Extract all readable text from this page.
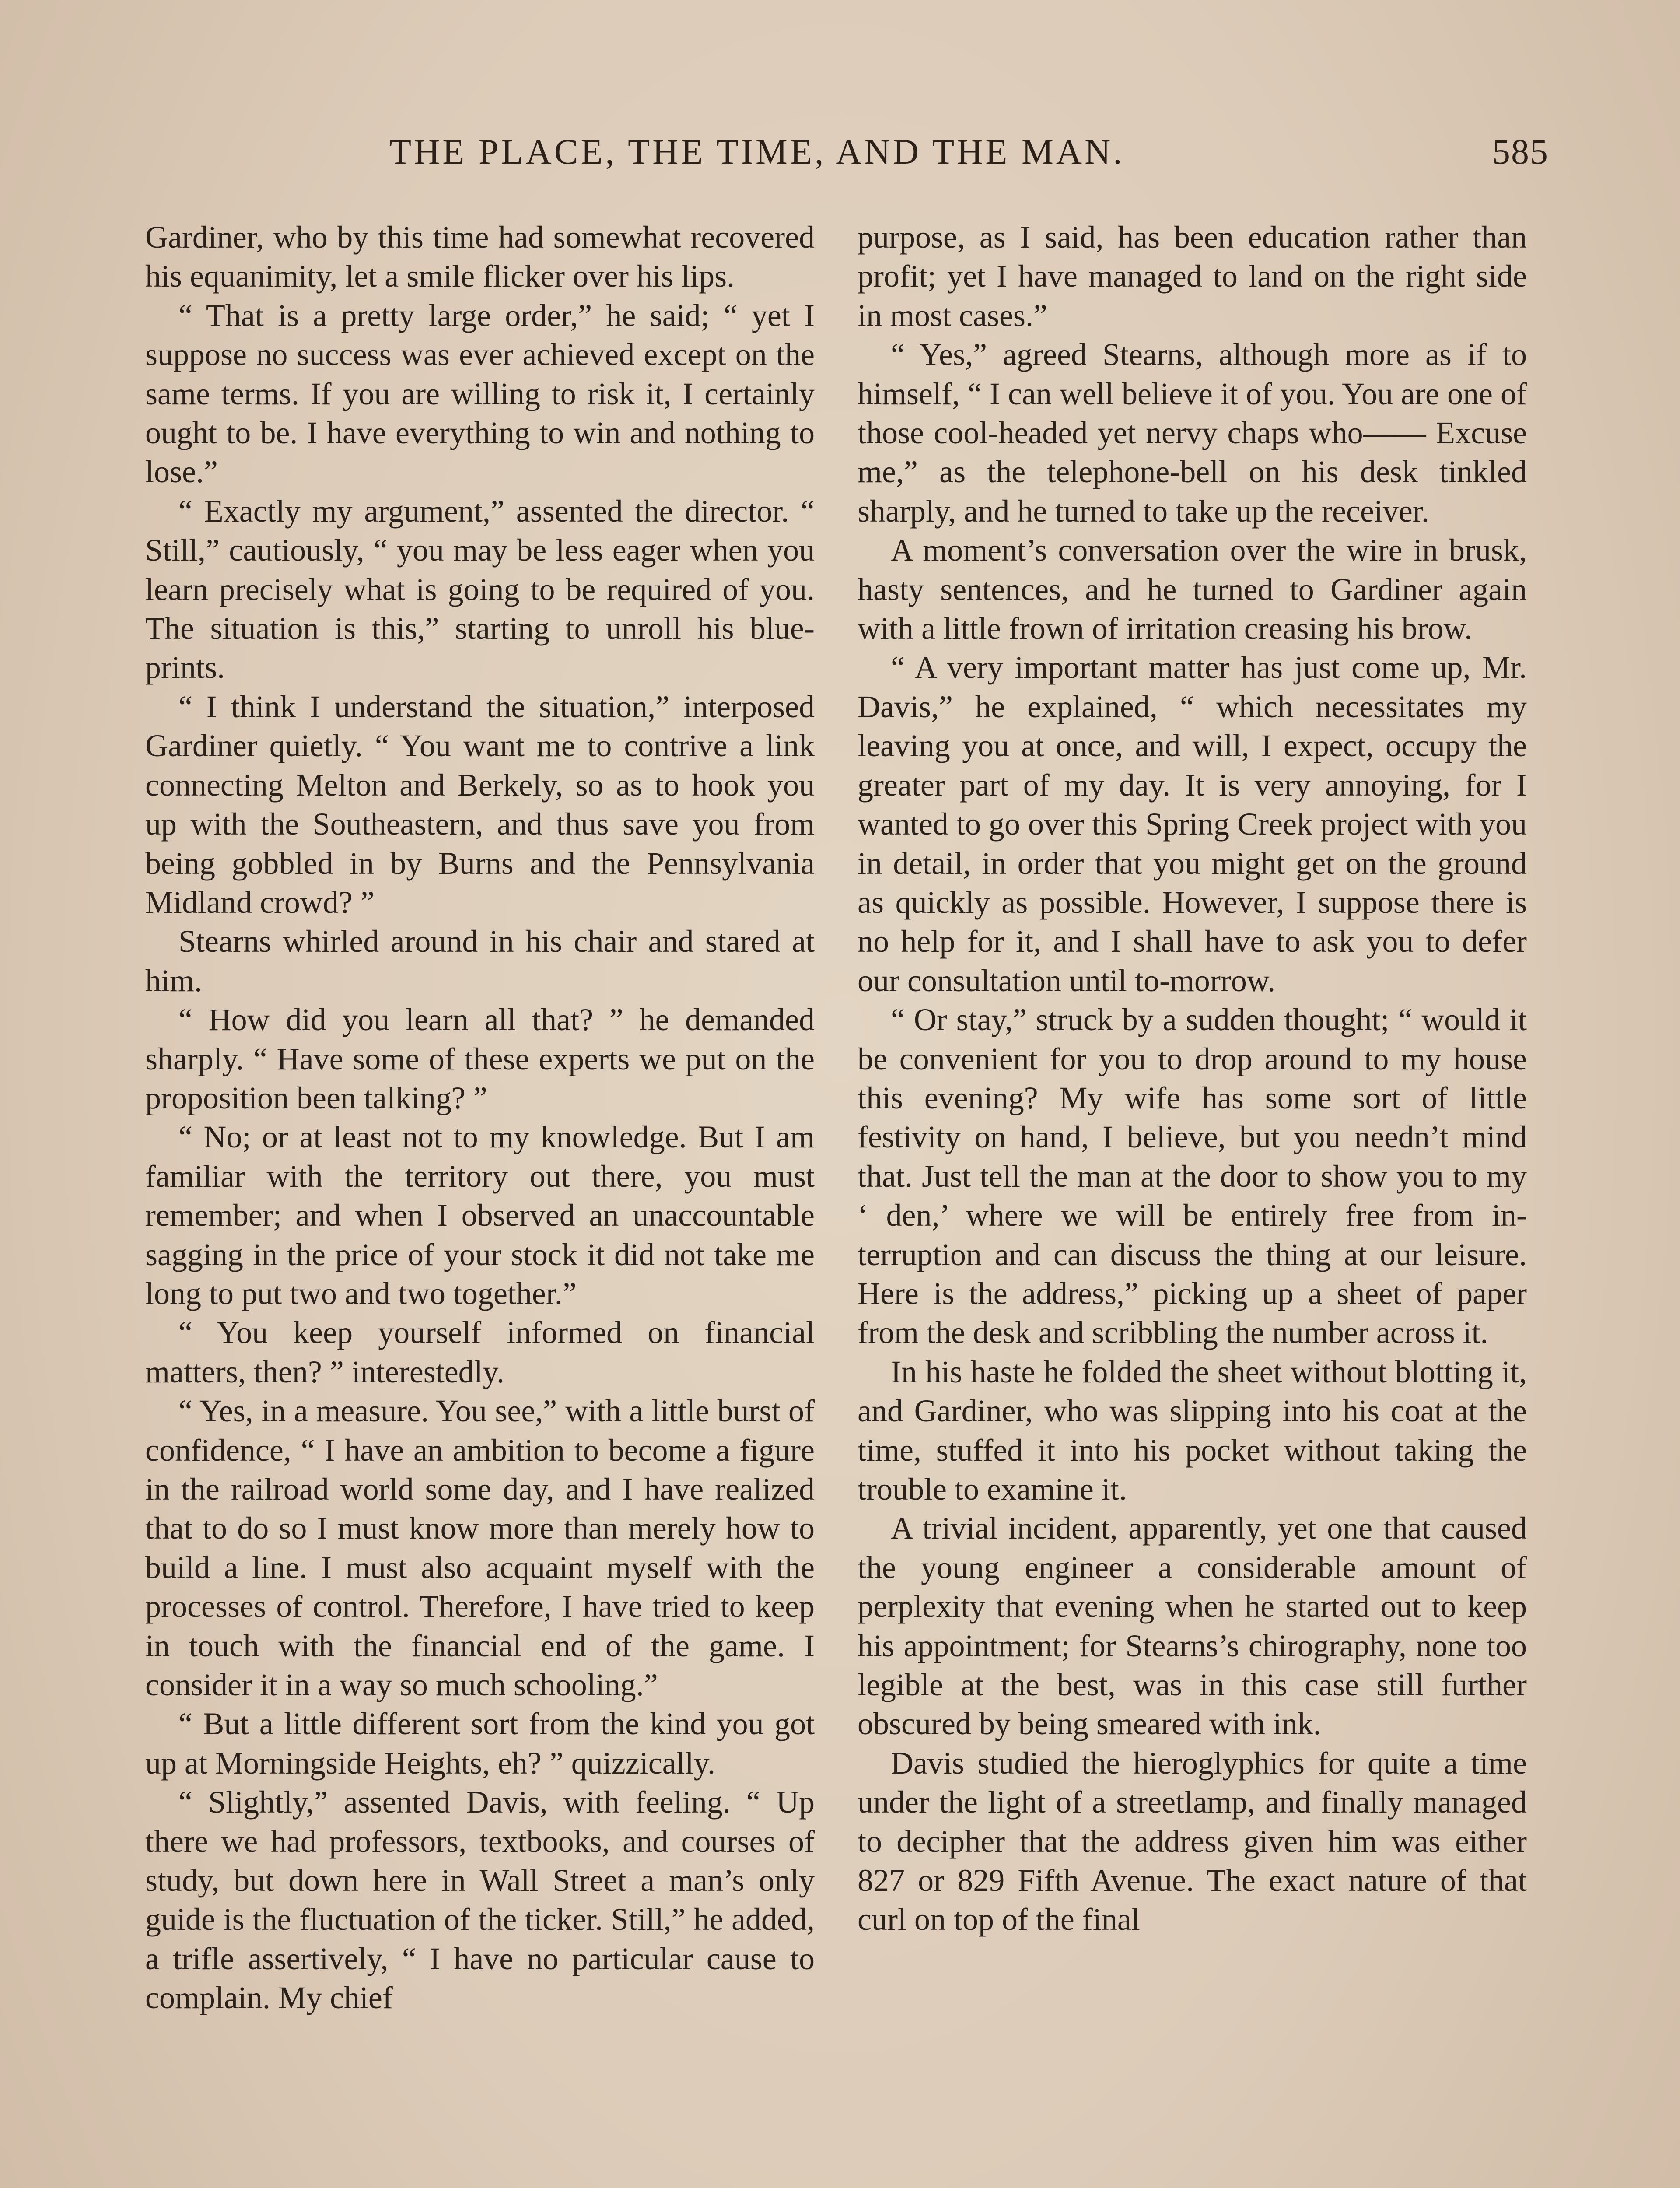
THE PLACE, THE TIME, AND THE MAN.	585

Gardiner, who by this time had somewhat recovered his equanimity, let a smile flicker over his lips.

“ That is a pretty large order,” he said; “ yet I suppose no success was ever achieved except on the same terms. If you are willing to risk it, I certainly ought to be. I have everything to win and nothing to lose.”

“ Exactly my argument,” assented the director. “ Still,” cautiously, “ you may be less eager when you learn precisely what is going to be required of you. The situation is this,” starting to unroll his blue-prints.

“ I think I understand the situation,” interposed Gardiner quietly. “ You want me to contrive a link connecting Melton and Berkely, so as to hook you up with the Southeastern, and thus save you from being gobbled in by Burns and the Pennsylvania Midland crowd? ”

Stearns whirled around in his chair and stared at him.

“ How did you learn all that? ” he demanded sharply. “ Have some of these experts we put on the proposition been talking? ”

“ No; or at least not to my knowledge. But I am familiar with the territory out there, you must remember; and when I observed an unaccountable sagging in the price of your stock it did not take me long to put two and two together.”

“ You keep yourself informed on financial matters, then? ” interestedly.

“ Yes, in a measure. You see,” with a little burst of confidence, “ I have an ambition to become a figure in the railroad world some day, and I have realized that to do so I must know more than merely how to build a line. I must also acquaint myself with the processes of control. Therefore, I have tried to keep in touch with the financial end of the game. I consider it in a way so much schooling.”

“ But a little different sort from the kind you got up at Morningside Heights, eh? ” quizzically.

“ Slightly,” assented Davis, with feeling. “ Up there we had professors, textbooks, and courses of study, but down here in Wall Street a man’s only guide is the fluctuation of the ticker. Still,” he added, a trifle assertively, “ I have no particular cause to complain. My chief

purpose, as I said, has been education rather than profit; yet I have managed to land on the right side in most cases.”

“ Yes,” agreed Stearns, although more as if to himself, “ I can well believe it of you. You are one of those cool-headed yet nervy chaps who—— Excuse me,” as the telephone-bell on his desk tinkled sharply, and he turned to take up the receiver.

A moment’s conversation over the wire in brusk, hasty sentences, and he turned to Gardiner again with a little frown of irritation creasing his brow.

“ A very important matter has just come up, Mr. Davis,” he explained, “ which necessitates my leaving you at once, and will, I expect, occupy the greater part of my day. It is very annoying, for I wanted to go over this Spring Creek project with you in detail, in order that you might get on the ground as quickly as possible. However, I suppose there is no help for it, and I shall have to ask you to defer our consultation until to-morrow.

“ Or stay,” struck by a sudden thought; “ would it be convenient for you to drop around to my house this evening? My wife has some sort of little festivity on hand, I believe, but you needn’t mind that. Just tell the man at the door to show you to my ‘ den,’ where we will be entirely free from interruption and can discuss the thing at our leisure. Here is the address,” picking up a sheet of paper from the desk and scribbling the number across it.

In his haste he folded the sheet without blotting it, and Gardiner, who was slipping into his coat at the time, stuffed it into his pocket without taking the trouble to examine it.

A trivial incident, apparently, yet one that caused the young engineer a considerable amount of perplexity that evening when he started out to keep his appointment; for Stearns’s chirography, none too legible at the best, was in this case still further obscured by being smeared with ink.

Davis studied the hieroglyphics for quite a time under the light of a streetlamp, and finally managed to decipher that the address given him was either 827 or 829 Fifth Avenue. The exact nature of that curl on top of the final
